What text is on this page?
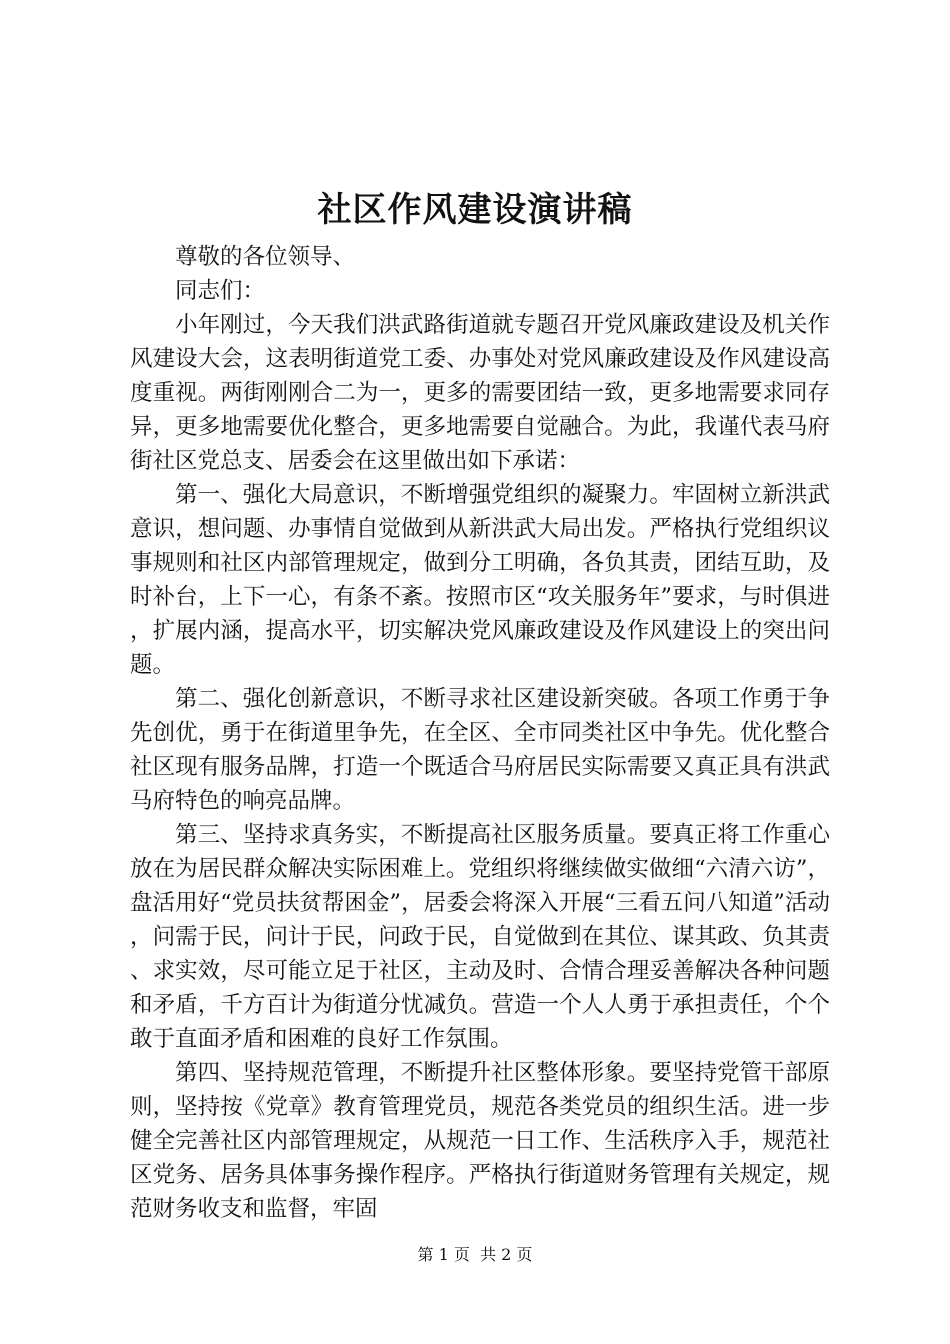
社区作风建设演讲稿

尊敬的各位领导、

同志们：

小年刚过，今天我们洪武路街道就专题召开党风廉政建设及机关作风建设大会，这表明街道党工委、办事处对党风廉政建设及作风建设高度重视。两街刚刚合二为一，更多的需要团结一致，更多地需要求同存异，更多地需要优化整合，更多地需要自觉融合。为此，我谨代表马府街社区党总支、居委会在这里做出如下承诺：

第一、强化大局意识，不断增强党组织的凝聚力。牢固树立新洪武意识，想问题、办事情自觉做到从新洪武大局出发。严格执行党组织议事规则和社区内部管理规定，做到分工明确，各负其责，团结互助，及时补台，上下一心，有条不紊。按照市区“攻关服务年”要求，与时俱进，扩展内涵，提高水平，切实解决党风廉政建设及作风建设上的突出问题。

第二、强化创新意识，不断寻求社区建设新突破。各项工作勇于争先创优，勇于在街道里争先，在全区、全市同类社区中争先。优化整合社区现有服务品牌，打造一个既适合马府居民实际需要又真正具有洪武马府特色的响亮品牌。

第三、坚持求真务实，不断提高社区服务质量。要真正将工作重心放在为居民群众解决实际困难上。党组织将继续做实做细“六清六访”，盘活用好“党员扶贫帮困金”，居委会将深入开展“三看五问八知道”活动，问需于民，问计于民，问政于民，自觉做到在其位、谋其政、负其责、求实效，尽可能立足于社区，主动及时、合情合理妥善解决各种问题和矛盾，千方百计为街道分忧减负。营造一个人人勇于承担责任，个个敢于直面矛盾和困难的良好工作氛围。

第四、坚持规范管理，不断提升社区整体形象。要坚持党管干部原则，坚持按《党章》教育管理党员，规范各类党员的组织生活。进一步健全完善社区内部管理规定，从规范一日工作、生活秩序入手，规范社区党务、居务具体事务操作程序。严格执行街道财务管理有关规定，规范财务收支和监督，牢固

第 1 页  共 2 页
